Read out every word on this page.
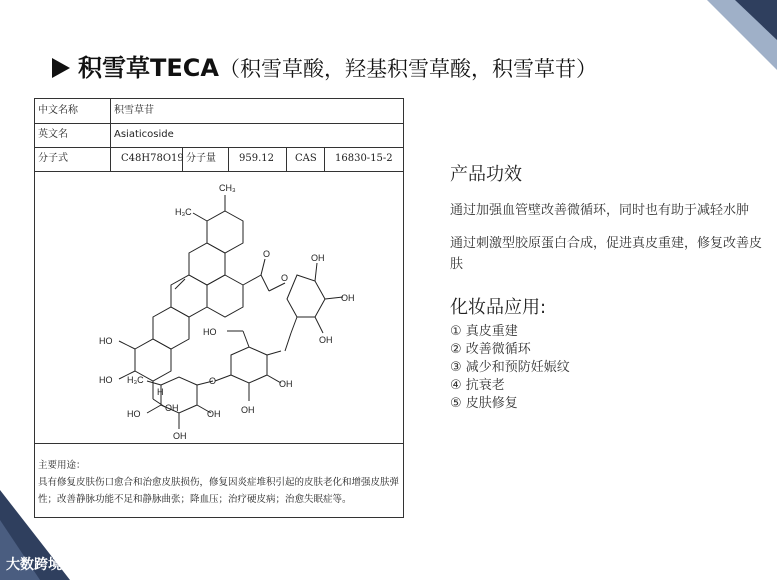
积雪草TECA（积雪草酸，羟基积雪草酸，积雪草苷）
中文名称	积雪草苷
英文名	Asiaticoside
分子式	C48H78O19 分子量	959.12	CAS	16830-15-2
CH₃
H₃C
HO
HO
OH
H
O
O
OH
OH
OH
HO
OH
OH
O
H₃C
HO
OH
OH
主要用途：
具有修复皮肤伤口愈合和治愈皮肤损伤，修复因炎症堆积引起的皮肤老化和增强皮肤弹性；改善静脉功能不足和静脉曲张；降血压；治疗硬皮病；治愈失眠症等。
产品功效

通过加强血管壁改善微循环，同时也有助于减轻水肿

通过刺激型胶原蛋白合成，促进真皮重建，修复改善皮肤

化妆品应用:
① 真皮重建
② 改善微循环
③ 减少和预防妊娠纹
④ 抗衰老
⑤ 皮肤修复
大数跨境
